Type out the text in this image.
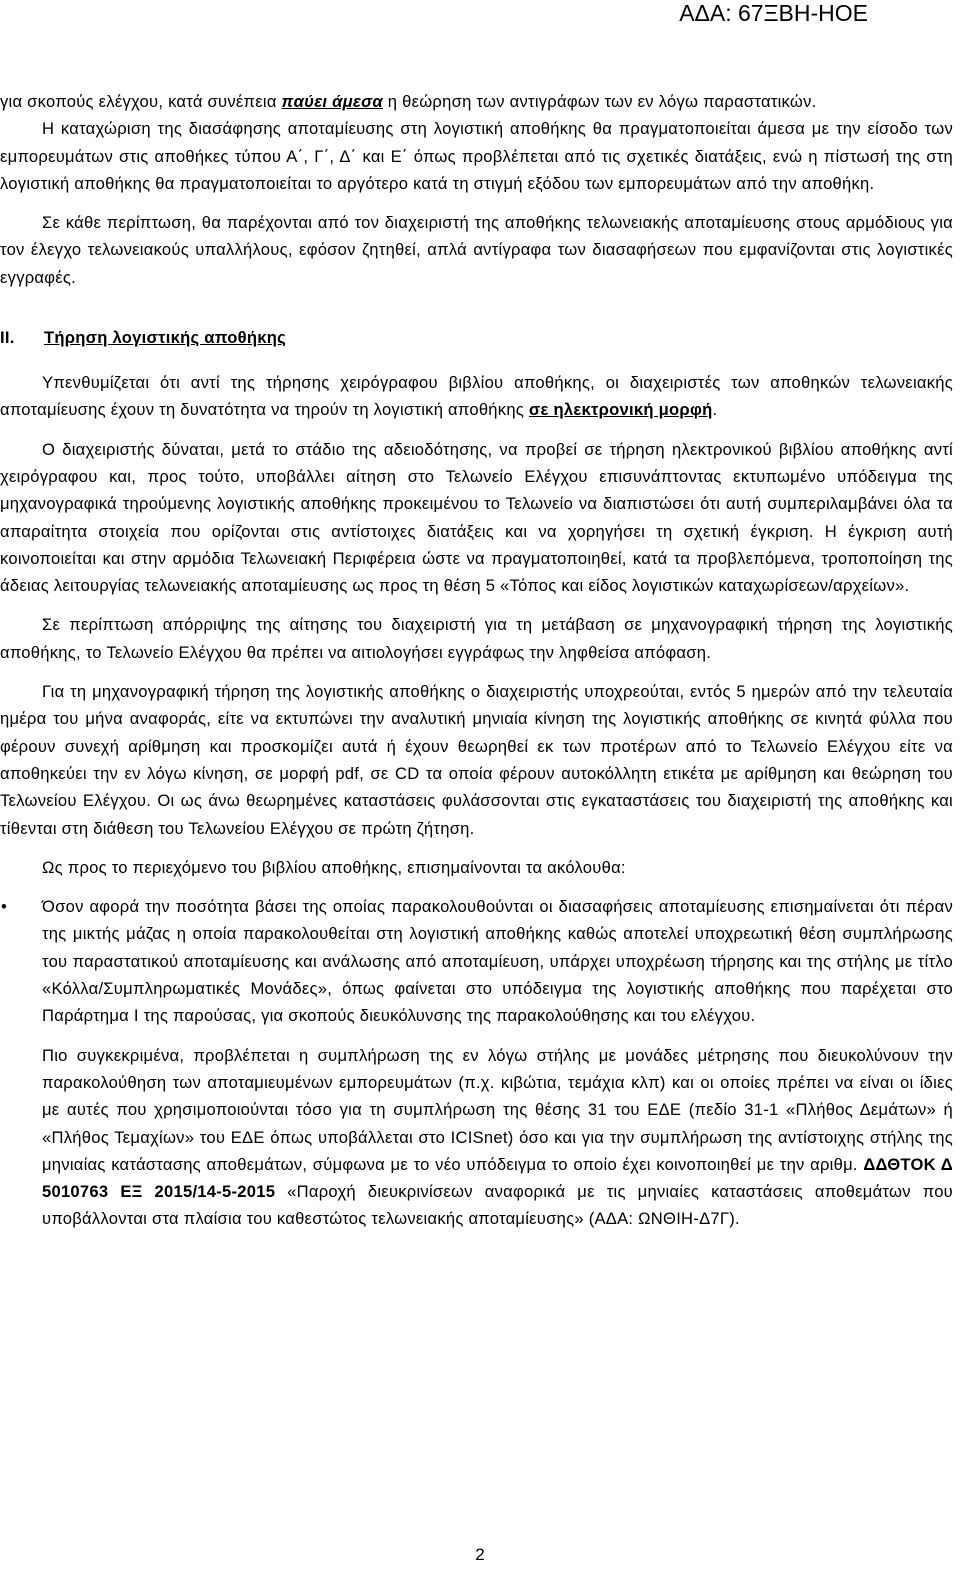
ΑΔΑ: 67ΞΒΗ-ΗΟΕ

για σκοπούς ελέγχου, κατά συνέπεια παύει άμεσα η θεώρηση των αντιγράφων των εν λόγω παραστατικών.

Η καταχώριση της διασάφησης αποταμίευσης στη λογιστική αποθήκης θα πραγματοποιείται άμεσα με την είσοδο των εμπορευμάτων στις αποθήκες τύπου Α΄, Γ΄, Δ΄ και Ε΄ όπως προβλέπεται από τις σχετικές διατάξεις, ενώ η πίστωσή της στη λογιστική αποθήκης θα πραγματοποιείται το αργότερο κατά τη στιγμή εξόδου των εμπορευμάτων από την αποθήκη.

Σε κάθε περίπτωση, θα παρέχονται από τον διαχειριστή της αποθήκης τελωνειακής αποταμίευσης στους αρμόδιους για τον έλεγχο τελωνειακούς υπαλλήλους, εφόσον ζητηθεί, απλά αντίγραφα των διασαφήσεων που εμφανίζονται στις λογιστικές εγγραφές.

II. Τήρηση λογιστικής αποθήκης

Υπενθυμίζεται ότι αντί της τήρησης χειρόγραφου βιβλίου αποθήκης, οι διαχειριστές των αποθηκών τελωνειακής αποταμίευσης έχουν τη δυνατότητα να τηρούν τη λογιστική αποθήκης σε ηλεκτρονική μορφή.

Ο διαχειριστής δύναται, μετά το στάδιο της αδειοδότησης, να προβεί σε τήρηση ηλεκτρονικού βιβλίου αποθήκης αντί χειρόγραφου και, προς τούτο, υποβάλλει αίτηση στο Τελωνείο Ελέγχου επισυνάπτοντας εκτυπωμένο υπόδειγμα της μηχανογραφικά τηρούμενης λογιστικής αποθήκης προκειμένου το Τελωνείο να διαπιστώσει ότι αυτή συμπεριλαμβάνει όλα τα απαραίτητα στοιχεία που ορίζονται στις αντίστοιχες διατάξεις και να χορηγήσει τη σχετική έγκριση. Η έγκριση αυτή κοινοποιείται και στην αρμόδια Τελωνειακή Περιφέρεια ώστε να πραγματοποιηθεί, κατά τα προβλεπόμενα, τροποποίηση της άδειας λειτουργίας τελωνειακής αποταμίευσης ως προς τη θέση 5 «Τόπος και είδος λογιστικών καταχωρίσεων/αρχείων».

Σε περίπτωση απόρριψης της αίτησης του διαχειριστή για τη μετάβαση σε μηχανογραφική τήρηση της λογιστικής αποθήκης, το Τελωνείο Ελέγχου θα πρέπει να αιτιολογήσει εγγράφως την ληφθείσα απόφαση.

Για τη μηχανογραφική τήρηση της λογιστικής αποθήκης ο διαχειριστής υποχρεούται, εντός 5 ημερών από την τελευταία ημέρα του μήνα αναφοράς, είτε να εκτυπώνει την αναλυτική μηνιαία κίνηση της λογιστικής αποθήκης σε κινητά φύλλα που φέρουν συνεχή αρίθμηση και προσκομίζει αυτά ή έχουν θεωρηθεί εκ των προτέρων από το Τελωνείο Ελέγχου είτε να αποθηκεύει την εν λόγω κίνηση, σε μορφή pdf, σε CD τα οποία φέρουν αυτοκόλλητη ετικέτα με αρίθμηση και θεώρηση του Τελωνείου Ελέγχου. Οι ως άνω θεωρημένες καταστάσεις φυλάσσονται στις εγκαταστάσεις του διαχειριστή της αποθήκης και τίθενται στη διάθεση του Τελωνείου Ελέγχου σε πρώτη ζήτηση.

Ως προς το περιεχόμενο του βιβλίου αποθήκης, επισημαίνονται τα ακόλουθα:

• Όσον αφορά την ποσότητα βάσει της οποίας παρακολουθούνται οι διασαφήσεις αποταμίευσης επισημαίνεται ότι πέραν της μικτής μάζας η οποία παρακολουθείται στη λογιστική αποθήκης καθώς αποτελεί υποχρεωτική θέση συμπλήρωσης του παραστατικού αποταμίευσης και ανάλωσης από αποταμίευση, υπάρχει υποχρέωση τήρησης και της στήλης με τίτλο «Κόλλα/Συμπληρωματικές Μονάδες», όπως φαίνεται στο υπόδειγμα της λογιστικής αποθήκης που παρέχεται στο Παράρτημα Ι της παρούσας, για σκοπούς διευκόλυνσης της παρακολούθησης και του ελέγχου.

Πιο συγκεκριμένα, προβλέπεται η συμπλήρωση της εν λόγω στήλης με μονάδες μέτρησης που διευκολύνουν την παρακολούθηση των αποταμιευμένων εμπορευμάτων (π.χ. κιβώτια, τεμάχια κλπ) και οι οποίες πρέπει να είναι οι ίδιες με αυτές που χρησιμοποιούνται τόσο για τη συμπλήρωση της θέσης 31 του ΕΔΕ (πεδίο 31-1 «Πλήθος Δεμάτων» ή «Πλήθος Τεμαχίων» του ΕΔΕ όπως υποβάλλεται στο ICISnet) όσο και για την συμπλήρωση της αντίστοιχης στήλης της μηνιαίας κατάστασης αποθεμάτων, σύμφωνα με το νέο υπόδειγμα το οποίο έχει κοινοποιηθεί με την αριθμ. ΔΔΘΤΟΚ Δ 5010763 ΕΞ 2015/14-5-2015 «Παροχή διευκρινίσεων αναφορικά με τις μηνιαίες καταστάσεις αποθεμάτων που υποβάλλονται στα πλαίσια του καθεστώτος τελωνειακής αποταμίευσης» (ΑΔΑ: ΩΝΘΙΗ-Δ7Γ).

2
